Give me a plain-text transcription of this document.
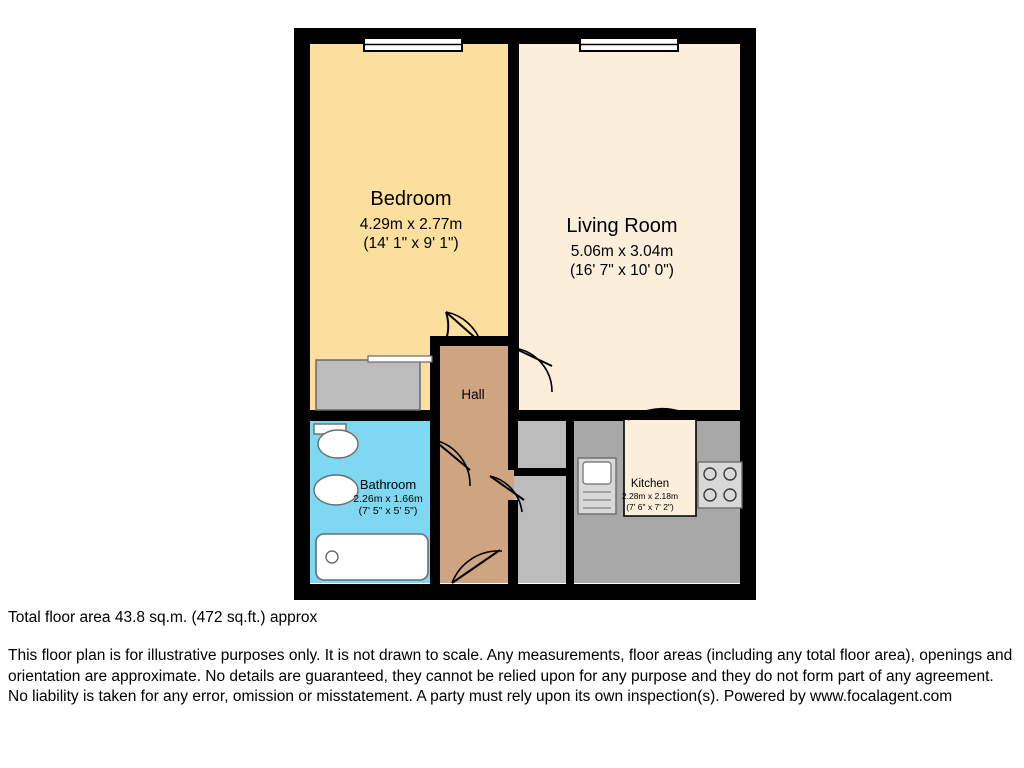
Bedroom
4.29m x 2.77m
(14' 1" x 9' 1")
Living Room
5.06m x 3.04m
(16' 7" x 10' 0")
Hall
Bathroom
2.26m x 1.66m
(7' 5" x 5' 5")
Kitchen
2.28m x 2.18m
(7' 6" x 7' 2")

Total floor area 43.8 sq.m. (472 sq.ft.) approx

This floor plan is for illustrative purposes only. It is not drawn to scale. Any measurements, floor areas (including any total floor area), openings and orientation are approximate. No details are guaranteed, they cannot be relied upon for any purpose and they do not form part of any agreement. No liability is taken for any error, omission or misstatement. A party must rely upon its own inspection(s). Powered by www.focalagent.com
